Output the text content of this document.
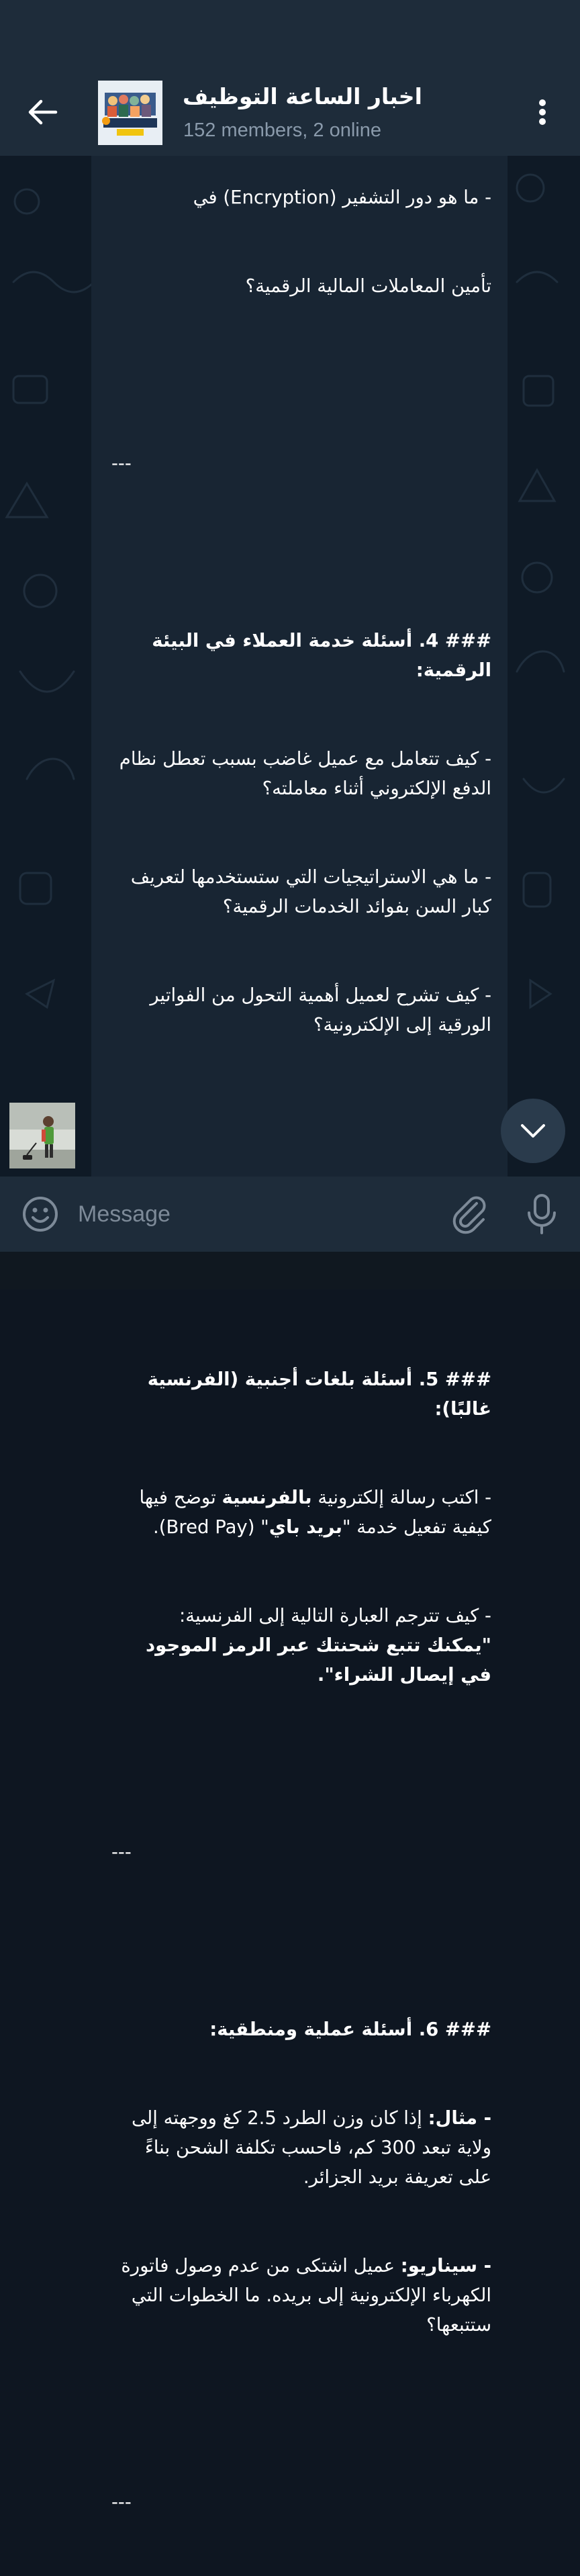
اخبار الساعة التوظيف
152 members, 2 online

- ما هو دور التشفير (Encryption) في

تأمين المعاملات المالية الرقمية؟

---

### 4. أسئلة خدمة العملاء في البيئة الرقمية:

- كيف تتعامل مع عميل غاضب بسبب تعطل نظام الدفع الإلكتروني أثناء معاملته؟

- ما هي الاستراتيجيات التي ستستخدمها لتعريف كبار السن بفوائد الخدمات الرقمية؟

- كيف تشرح لعميل أهمية التحول من الفواتير الورقية إلى الإلكترونية؟

### 5. أسئلة بلغات أجنبية (الفرنسية غالبًا):

- اكتب رسالة إلكترونية بالفرنسية توضح فيها كيفية تفعيل خدمة "بريد باي" (Bred Pay).

- كيف تترجم العبارة التالية إلى الفرنسية: "يمكنك تتبع شحنتك عبر الرمز الموجود في إيصال الشراء".

---

### 6. أسئلة عملية ومنطقية:

- مثال: إذا كان وزن الطرد 2.5 كغ ووجهته إلى ولاية تبعد 300 كم، فاحسب تكلفة الشحن بناءً على تعريفة بريد الجزائر.

- سيناريو: عميل اشتكى من عدم وصول فاتورة الكهرباء الإلكترونية إلى بريده. ما الخطوات التي ستتبعها؟

---

Message
